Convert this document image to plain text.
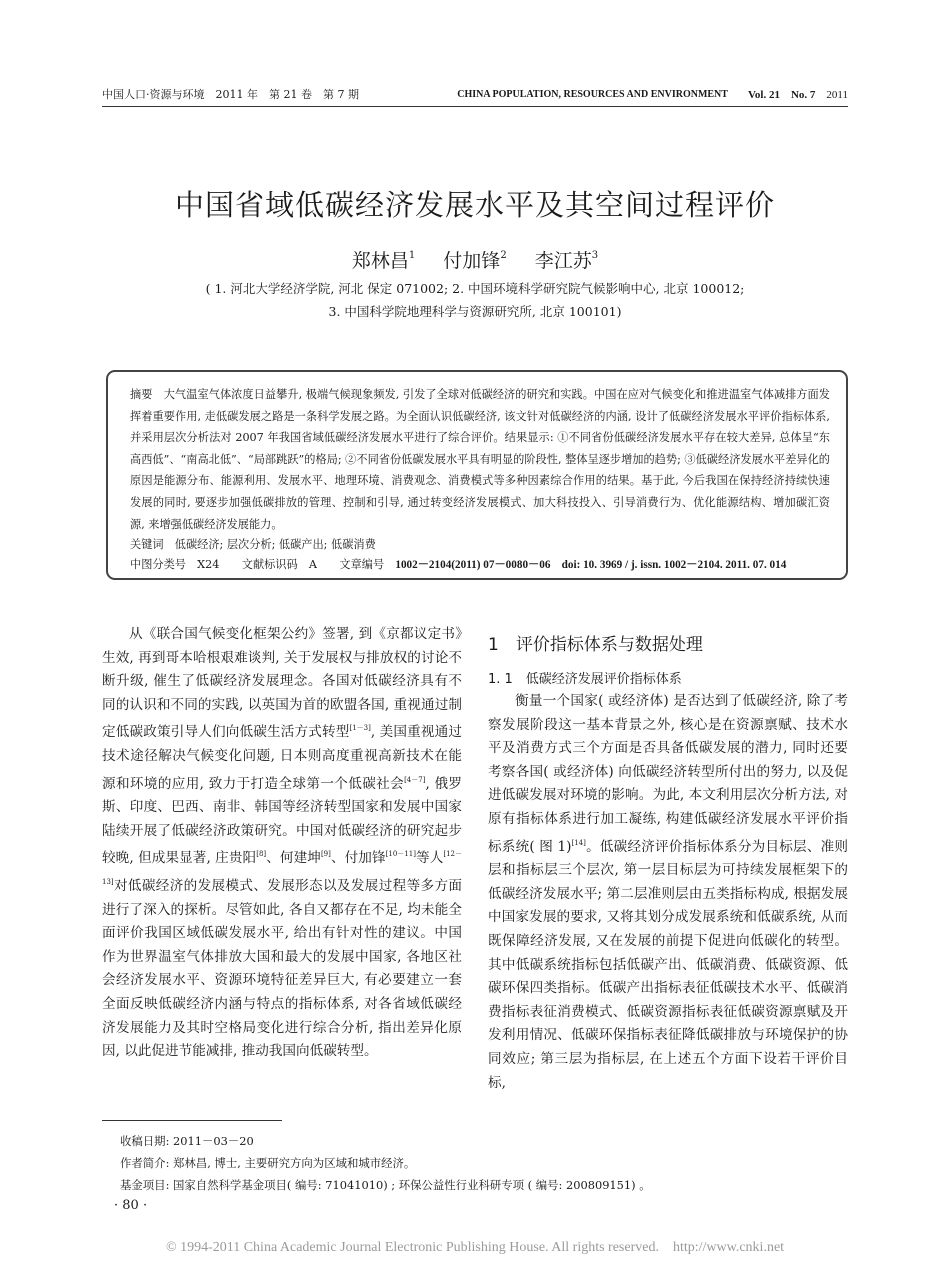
中国人口·资源与环境　2011 年　第 21 卷　第 7 期	CHINA POPULATION, RESOURCES AND ENVIRONMENT Vol. 21　 No. 7　 2011
中国省域低碳经济发展水平及其空间过程评价
郑林昌$^1$ 付加锋$^2$ 李江苏$^3$
( 1. 河北大学经济学院, 河北 保定 071002; 2. 中国环境科学研究院气候影响中心, 北京 100012;
3. 中国科学院地理科学与资源研究所, 北京 100101)
摘要　 大气温室气体浓度日益攀升, 极端气候现象频发, 引发了全球对低碳经济的研究和实践。中国在应对气候变化和推进温室气体减排方面发挥着重要作用, 走低碳发展之路是一条科学发展之路。为全面认识低碳经济, 该文针对低碳经济的内涵, 设计了低碳经济发展水平评价指标体系, 并采用层次分析法对 2007 年我国省域低碳经济发展水平进行了综合评价。结果显示: ①不同省份低碳经济发展水平存在较大差异, 总体呈“东高西低”、“南高北低”、“局部跳跃”的格局; ②不同省份低碳发展水平具有明显的阶段性, 整体呈逐步增加的趋势; ③低碳经济发展水平差异化的原因是能源分布、能源利用、发展水平、地理环境、消费观念、消费模式等多种因素综合作用的结果。基于此, 今后我国在保持经济持续快速发展的同时, 要逐步加强低碳排放的管理、控制和引导, 通过转变经济发展模式、加大科技投入、引导消费行为、优化能源结构、增加碳汇资源, 来增强低碳经济发展能力。
关键词　 低碳经济; 层次分析; 低碳产出; 低碳消费
中图分类号　 X24　　 文献标识码　 A　　 文章编号　 1002－2104(2011) 07－0080－06　 doi: 10. 3969 / j. issn. 1002－2104. 2011. 07. 014
从《联合国气候变化框架公约》签署, 到《京都议定书》生效, 再到哥本哈根艰难谈判, 关于发展权与排放权的讨论不断升级, 催生了低碳经济发展理念。各国对低碳经济具有不同的认识和不同的实践, 以英国为首的欧盟各国, 重视通过制定低碳政策引导人们向低碳生活方式转型[1－3], 美国重视通过技术途径解决气候变化问题, 日本则高度重视高新技术在能源和环境的应用, 致力于打造全球第一个低碳社会[4－7], 俄罗斯、印度、巴西、南非、韩国等经济转型国家和发展中国家陆续开展了低碳经济政策研究。中国对低碳经济的研究起步较晚, 但成果显著, 庄贵阳[8]、何建坤[9]、付加锋[10－11]等人[12－13]对低碳经济的发展模式、发展形态以及发展过程等多方面进行了深入的探析。尽管如此, 各自又都存在不足, 均未能全面评价我国区域低碳发展水平, 给出有针对性的建议。中国作为世界温室气体排放大国和最大的发展中国家, 各地区社会经济发展水平、资源环境特征差异巨大, 有必要建立一套全面反映低碳经济内涵与特点的指标体系, 对各省域低碳经济发展能力及其时空格局变化进行综合分析, 指出差异化原因, 以此促进节能减排, 推动我国向低碳转型。
1　评价指标体系与数据处理
1. 1　低碳经济发展评价指标体系
衡量一个国家( 或经济体) 是否达到了低碳经济, 除了考察发展阶段这一基本背景之外, 核心是在资源禀赋、技术水平及消费方式三个方面是否具备低碳发展的潜力, 同时还要考察各国( 或经济体) 向低碳经济转型所付出的努力, 以及促进低碳发展对环境的影响。为此, 本文利用层次分析方法, 对原有指标体系进行加工凝练, 构建低碳经济发展水平评价指标系统( 图 1)[14]。低碳经济评价指标体系分为目标层、准则层和指标层三个层次, 第一层目标层为可持续发展框架下的低碳经济发展水平; 第二层准则层由五类指标构成, 根据发展中国家发展的要求, 又将其划分成发展系统和低碳系统, 从而既保障经济发展, 又在发展的前提下促进向低碳化的转型。其中低碳系统指标包括低碳产出、低碳消费、低碳资源、低碳环保四类指标。低碳产出指标表征低碳技术水平、低碳消费指标表征消费模式、低碳资源指标表征低碳资源禀赋及开发利用情况、低碳环保指标表征降低碳排放与环境保护的协同效应; 第三层为指标层, 在上述五个方面下设若干评价目标,
收稿日期: 2011－03－20
作者简介: 郑林昌, 博士, 主要研究方向为区域和城市经济。
基金项目: 国家自然科学基金项目( 编号: 71041010) ; 环保公益性行业科研专项 ( 编号: 200809151) 。
· 80 ·
© 1994-2011 China Academic Journal Electronic Publishing House. All rights reserved.　http://www.cnki.net
